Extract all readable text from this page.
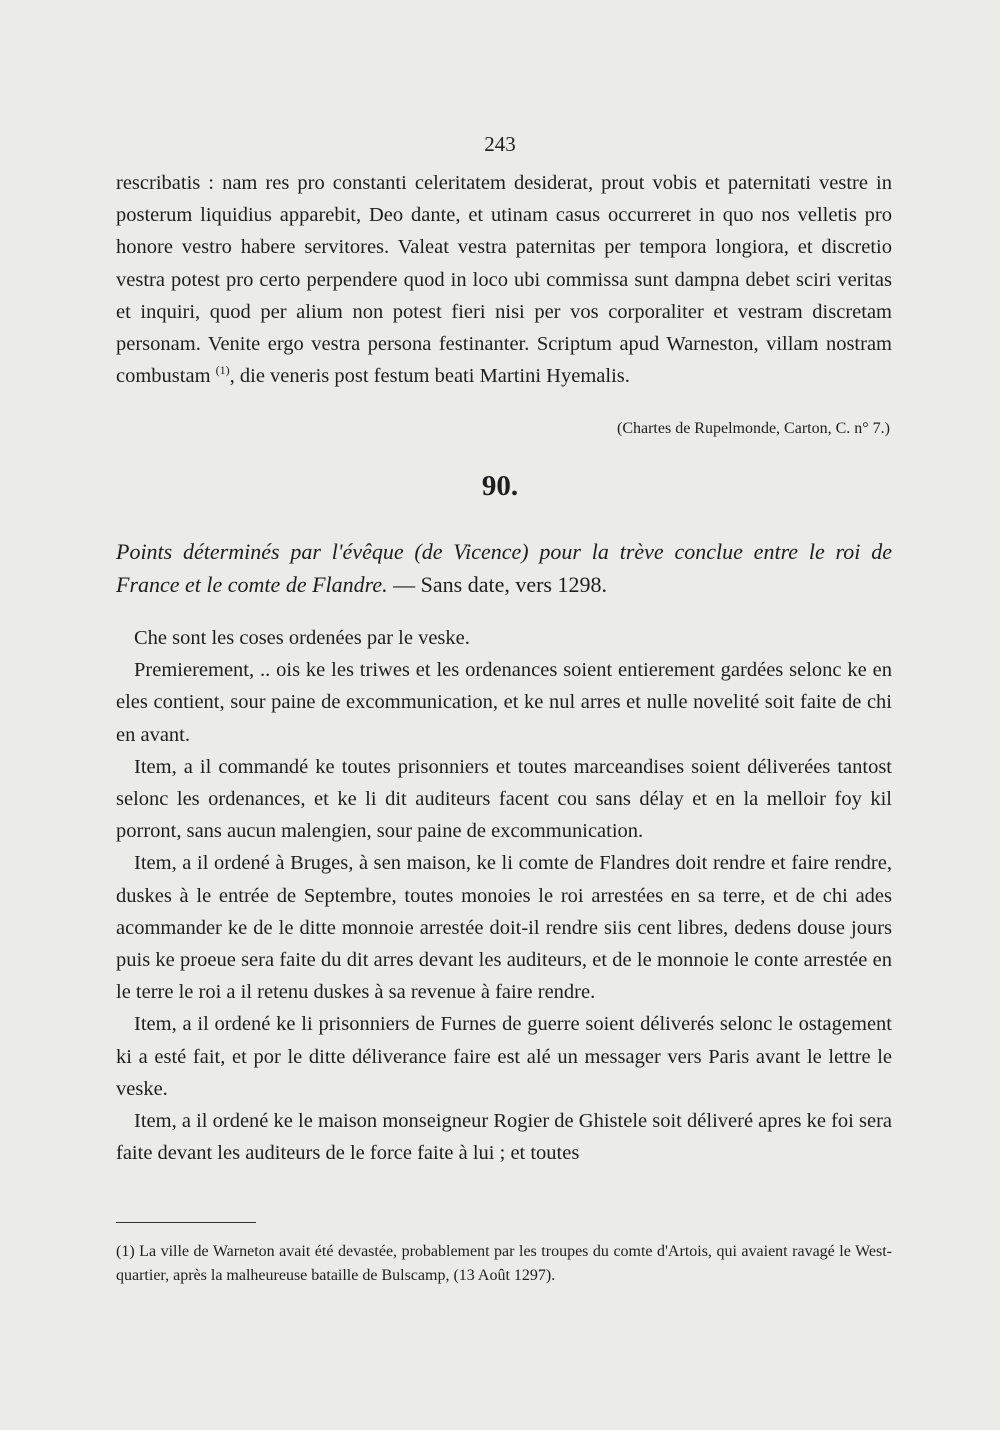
243

rescribatis : nam res pro constanti celeritatem desiderat, prout vobis et paternitati vestre in posterum liquidius apparebit, Deo dante, et utinam casus occurreret in quo nos velletis pro honore vestro habere servitores. Valeat vestra paternitas per tempora longiora, et discretio vestra potest pro certo perpendere quod in loco ubi commissa sunt dampna debet sciri veritas et inquiri, quod per alium non potest fieri nisi per vos corporaliter et vestram discretam personam. Venite ergo vestra persona festinanter. Scriptum apud Warneston, villam nostram combustam $^{(1)}$, die veneris post festum beati Martini Hyemalis.

(Chartes de Rupelmonde, Carton, C. n° 7.)
90.
Points déterminés par l'évêque (de Vicence) pour la trève conclue entre le roi de France et le comte de Flandre. — Sans date, vers 1298.

Che sont les coses ordenées par le veske.

Premierement, .. ois ke les triwes et les ordenances soient entierement gardées selonc ke en eles contient, sour paine de excommunication, et ke nul arres et nulle novelité soit faite de chi en avant.

Item, a il commandé ke toutes prisonniers et toutes marceandises soient déliverées tantost selonc les ordenances, et ke li dit auditeurs facent cou sans délay et en la melloir foy kil porront, sans aucun malengien, sour paine de excommunication.

Item, a il ordené à Bruges, à sen maison, ke li comte de Flandres doit rendre et faire rendre, duskes à le entrée de Septembre, toutes monoies le roi arrestées en sa terre, et de chi ades acommander ke de le ditte monnoie arrestée doit-il rendre siis cent libres, dedens douse jours puis ke proeue sera faite du dit arres devant les auditeurs, et de le monnoie le conte arrestée en le terre le roi a il retenu duskes à sa revenue à faire rendre.

Item, a il ordené ke li prisonniers de Furnes de guerre soient déliverés selonc le ostagement ki a esté fait, et por le ditte déliverance faire est alé un messager vers Paris avant le lettre le veske.

Item, a il ordené ke le maison monseigneur Rogier de Ghistele soit déliveré apres ke foi sera faite devant les auditeurs de le force faite à lui ; et toutes

(1) La ville de Warneton avait été devastée, probablement par les troupes du comte d'Artois, qui avaient ravagé le West-quartier, après la malheureuse bataille de Bulscamp, (13 Août 1297).
